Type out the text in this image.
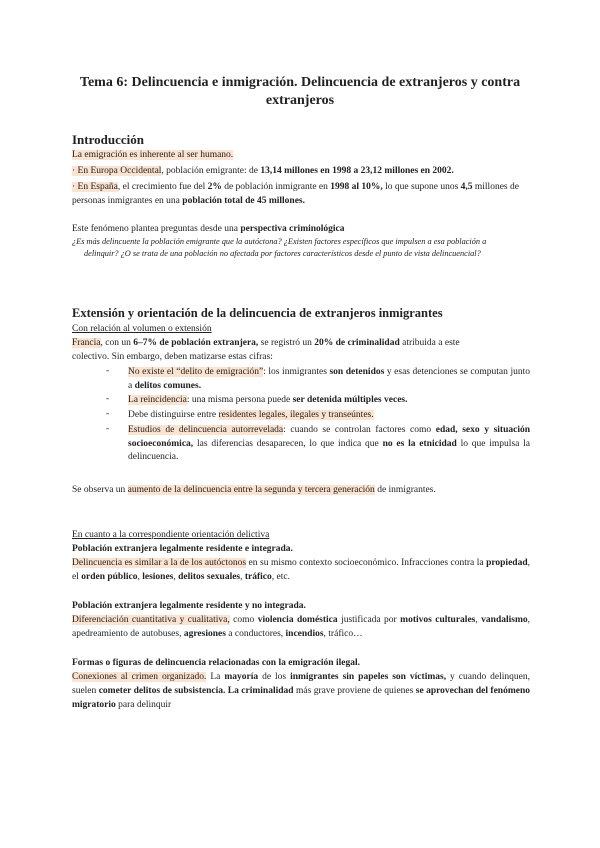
Tema 6: Delincuencia e inmigración. Delincuencia de extranjeros y contra extranjeros
Introducción
La emigración es inherente al ser humano.
· En Europa Occidental, población emigrante: de 13,14 millones en 1998 a 23,12 millones en 2002.
· En España, el crecimiento fue del 2% de población inmigrante en 1998 al 10%, lo que supone unos 4,5 millones de personas inmigrantes en una población total de 45 millones.
Este fenómeno plantea preguntas desde una perspectiva criminológica
¿Es más delincuente la población emigrante que la autóctona? ¿Existen factores específicos que impulsen a esa población a
delinquir? ¿O se trata de una población no afectada por factores característicos desde el punto de vista delincuencial?
Extensión y orientación de la delincuencia de extranjeros inmigrantes
Con relación al volumen o extensión
Francia, con un 6–7% de población extranjera, se registró un 20% de criminalidad atribuida a este
colectivo. Sin embargo, deben matizarse estas cifras:
- No existe el “delito de emigración”: los inmigrantes son detenidos y esas detenciones se computan junto a delitos comunes.
- La reincidencia: una misma persona puede ser detenida múltiples veces.
- Debe distinguirse entre residentes legales, ilegales y transeúntes.
- Estudios de delincuencia autorrevelada: cuando se controlan factores como edad, sexo y situación socioeconómica, las diferencias desaparecen, lo que indica que no es la etnicidad lo que impulsa la delincuencia.
Se observa un aumento de la delincuencia entre la segunda y tercera generación de inmigrantes.
En cuanto a la correspondiente orientación delictiva
Población extranjera legalmente residente e integrada.
Delincuencia es similar a la de los autóctonos en su mismo contexto socioeconómico. Infracciones contra la propiedad, el orden público, lesiones, delitos sexuales, tráfico, etc.
Población extranjera legalmente residente y no integrada.
Diferenciación cuantitativa y cualitativa, como violencia doméstica justificada por motivos culturales, vandalismo, apedreamiento de autobuses, agresiones a conductores, incendios, tráfico…
Formas o figuras de delincuencia relacionadas con la emigración ilegal.
Conexiones al crimen organizado. La mayoría de los inmigrantes sin papeles son víctimas, y cuando delinquen, suelen cometer delitos de subsistencia. La criminalidad más grave proviene de quienes se aprovechan del fenómeno migratorio para delinquir
